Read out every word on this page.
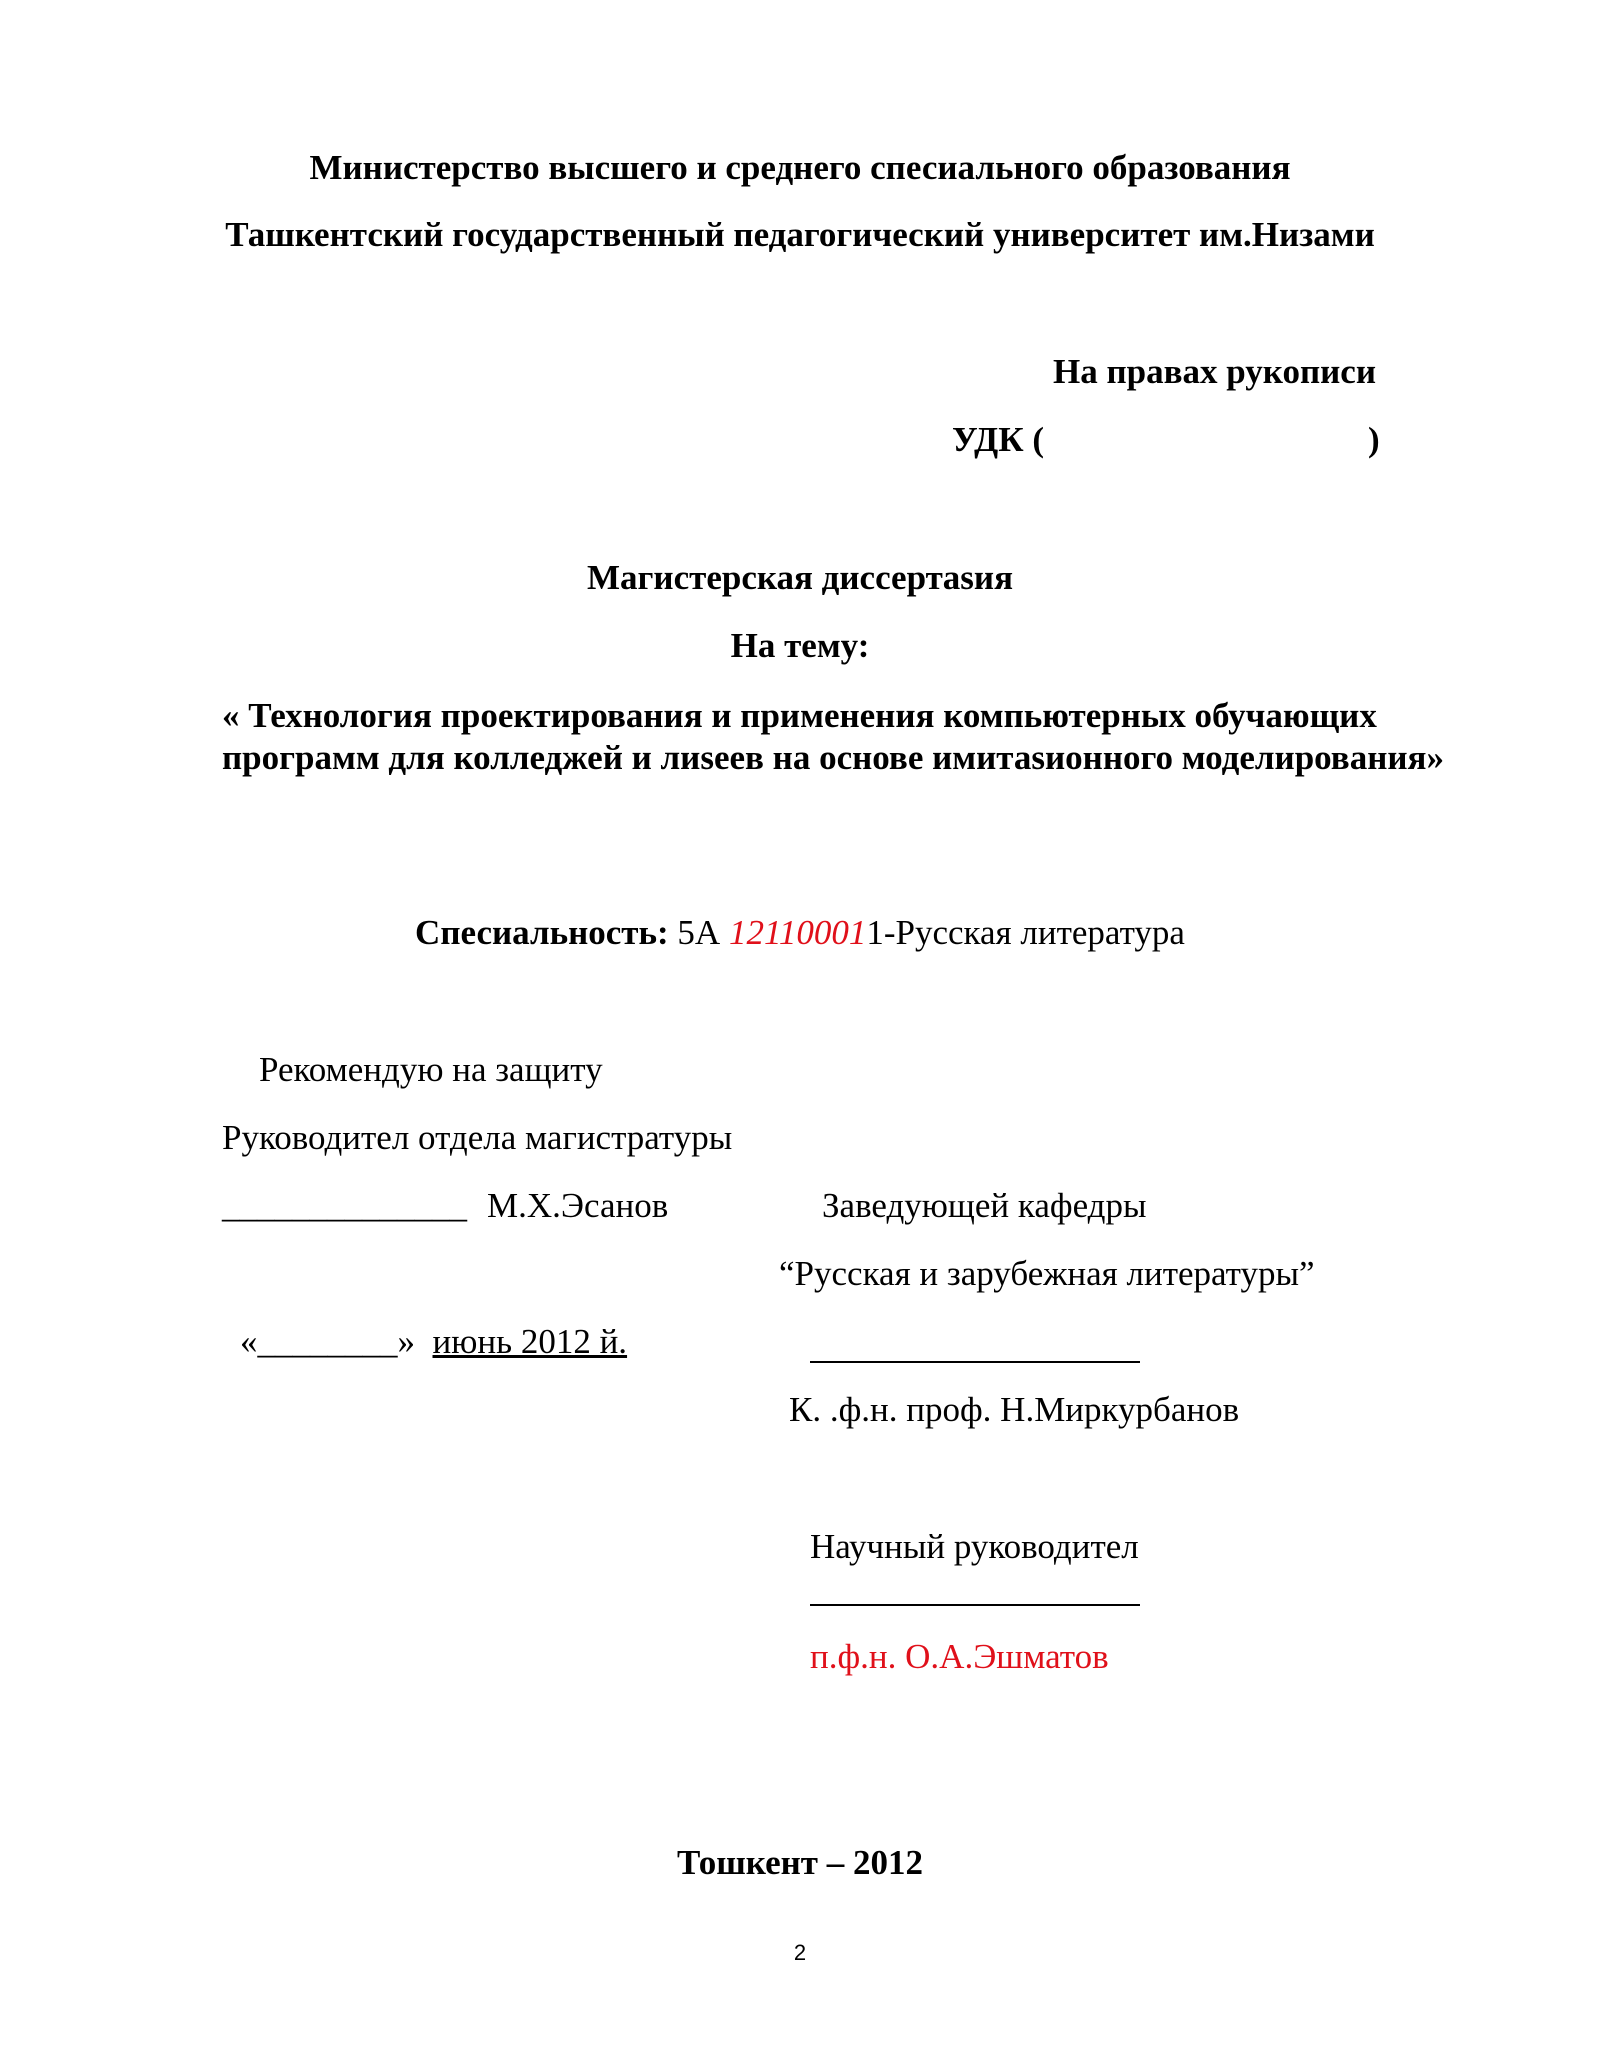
Министерство высшего и среднего спесиального образования
Ташкентский государственный педагогический университет им.Низами
На правах рукописи
УДК (	)
Магистерская диссертasия
На тему:
« Технология проектирования и применения компьютерных обучающих программ для колледжей и лиseeв на основе имитаsионного моделирования»
Спесиальность: 5А 121100011-Русская литература
Рекомендую на защиту
Руководител отдела магистратуры
______________ М.Х.Эсанов
«________» июнь 2012 й.
Заведующей кафедры
“Русская и зарубежная литературы”
К. .ф.н. проф. Н.Миркурбанов
Научный руководител
п.ф.н. О.А.Эшматов
Тошкент – 2012
2
